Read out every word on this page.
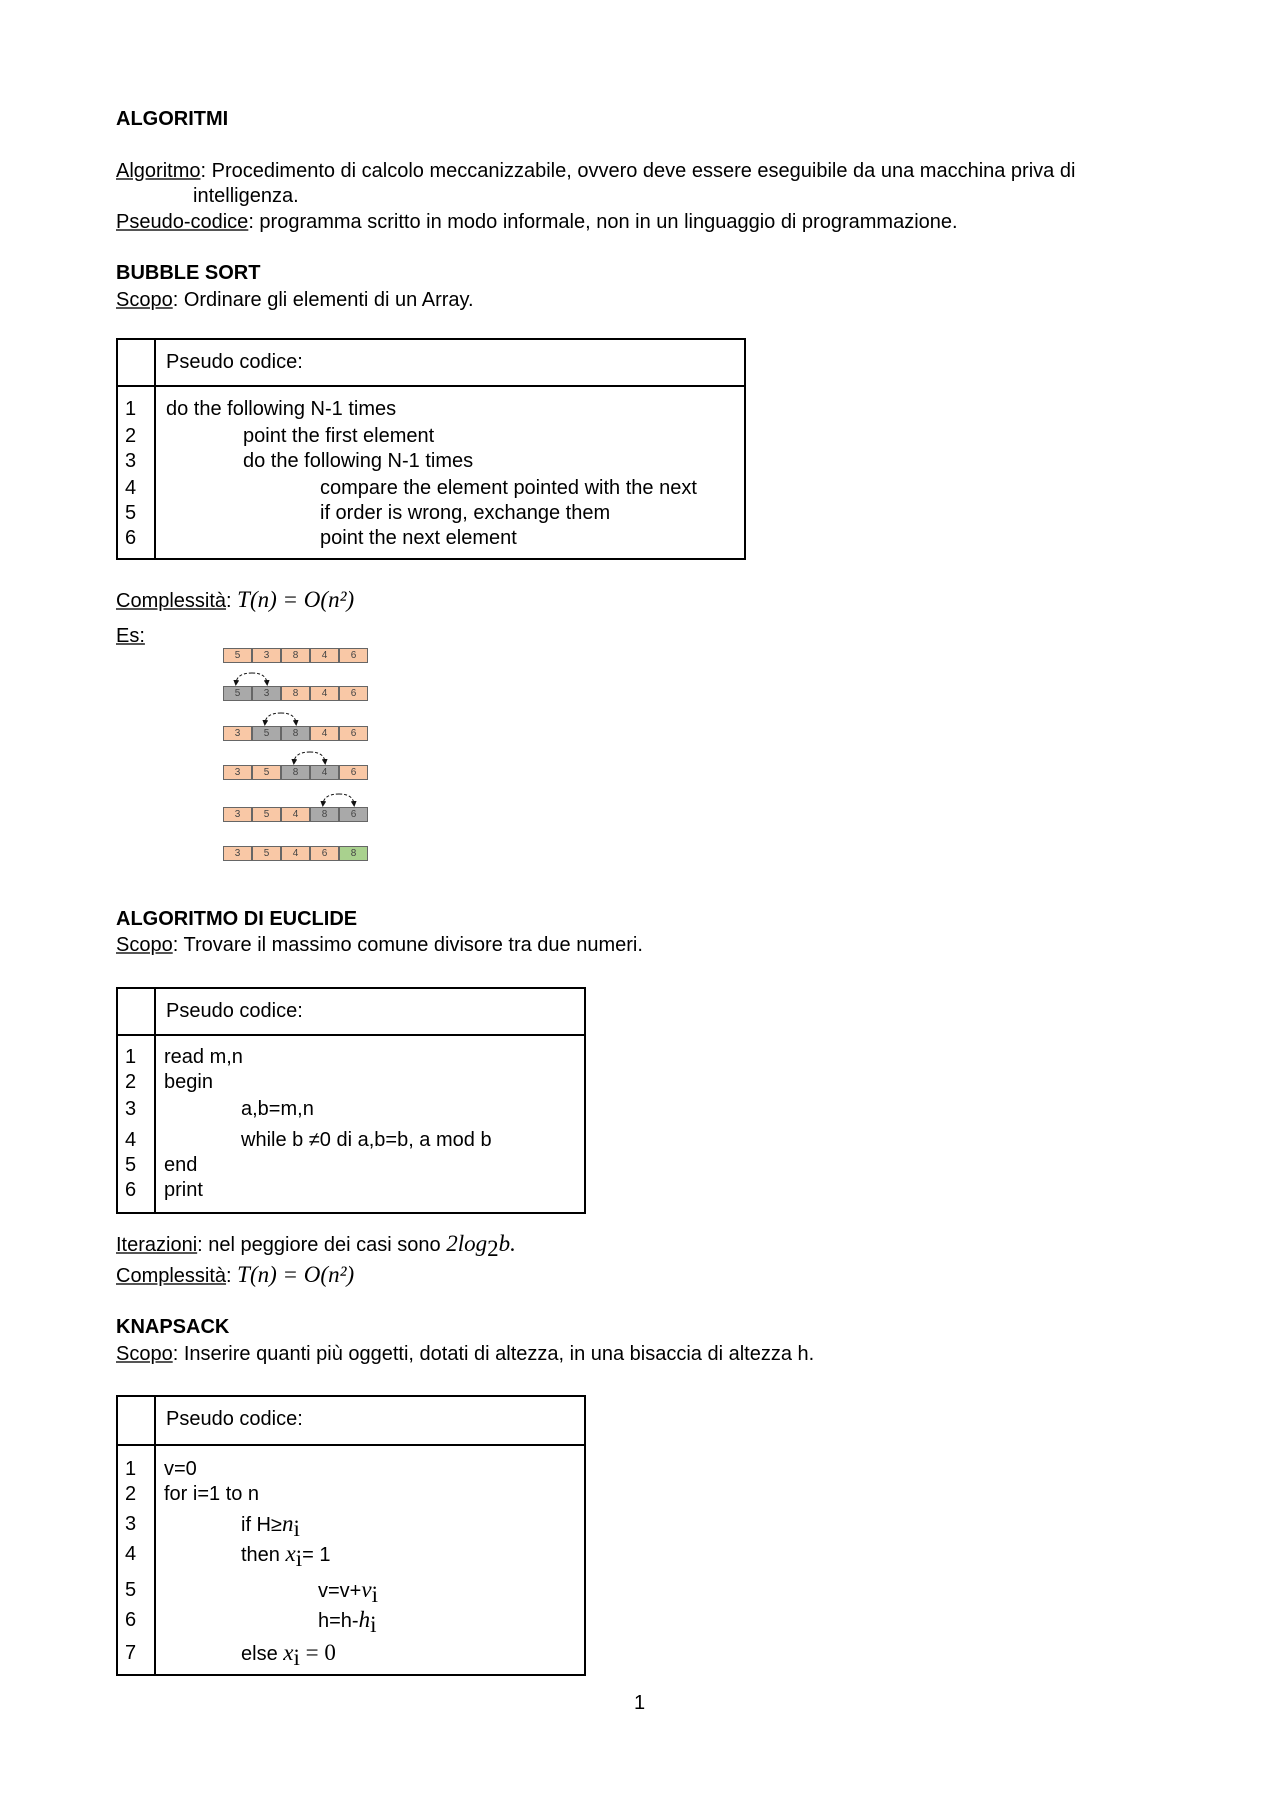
ALGORITMI
Algoritmo: Procedimento di calcolo meccanizzabile, ovvero deve essere eseguibile da una macchina priva di
intelligenza.
Pseudo-codice: programma scritto in modo informale, non in un linguaggio di programmazione.
BUBBLE SORT
Scopo: Ordinare gli elementi di un Array.
Pseudo codice:
1 do the following N-1 times
2	point the first element
3	do the following N-1 times
4	compare the element pointed with the next
5	if order is wrong, exchange them
6	point the next element
Complessità: T(n) = O(n²)
Es:
5	3	8	4	6
5	3	8	4	6
3	5	8	4	6
3	5	8	4	6
3	5	4	8	6
3	5	4	6	8
ALGORITMO DI EUCLIDE
Scopo: Trovare il massimo comune divisore tra due numeri.
Pseudo codice:
1 read m,n
2 begin
3	a,b=m,n
4	while b ≠0 di a,b=b, a mod b
5 end
6 print
Iterazioni: nel peggiore dei casi sono $2\log_2b$.
Complessità: T(n) = O(n²)
KNAPSACK
Scopo: Inserire quanti più oggetti, dotati di altezza, in una bisaccia di altezza h.
Pseudo codice:
1 v=0
2 for i=1 to n
3	if $H\ge n_i$
4	then $x_i= 1$
5	$v=v+v_i$
6	$h=h-h_i$
7	else $x_i = 0$
1
